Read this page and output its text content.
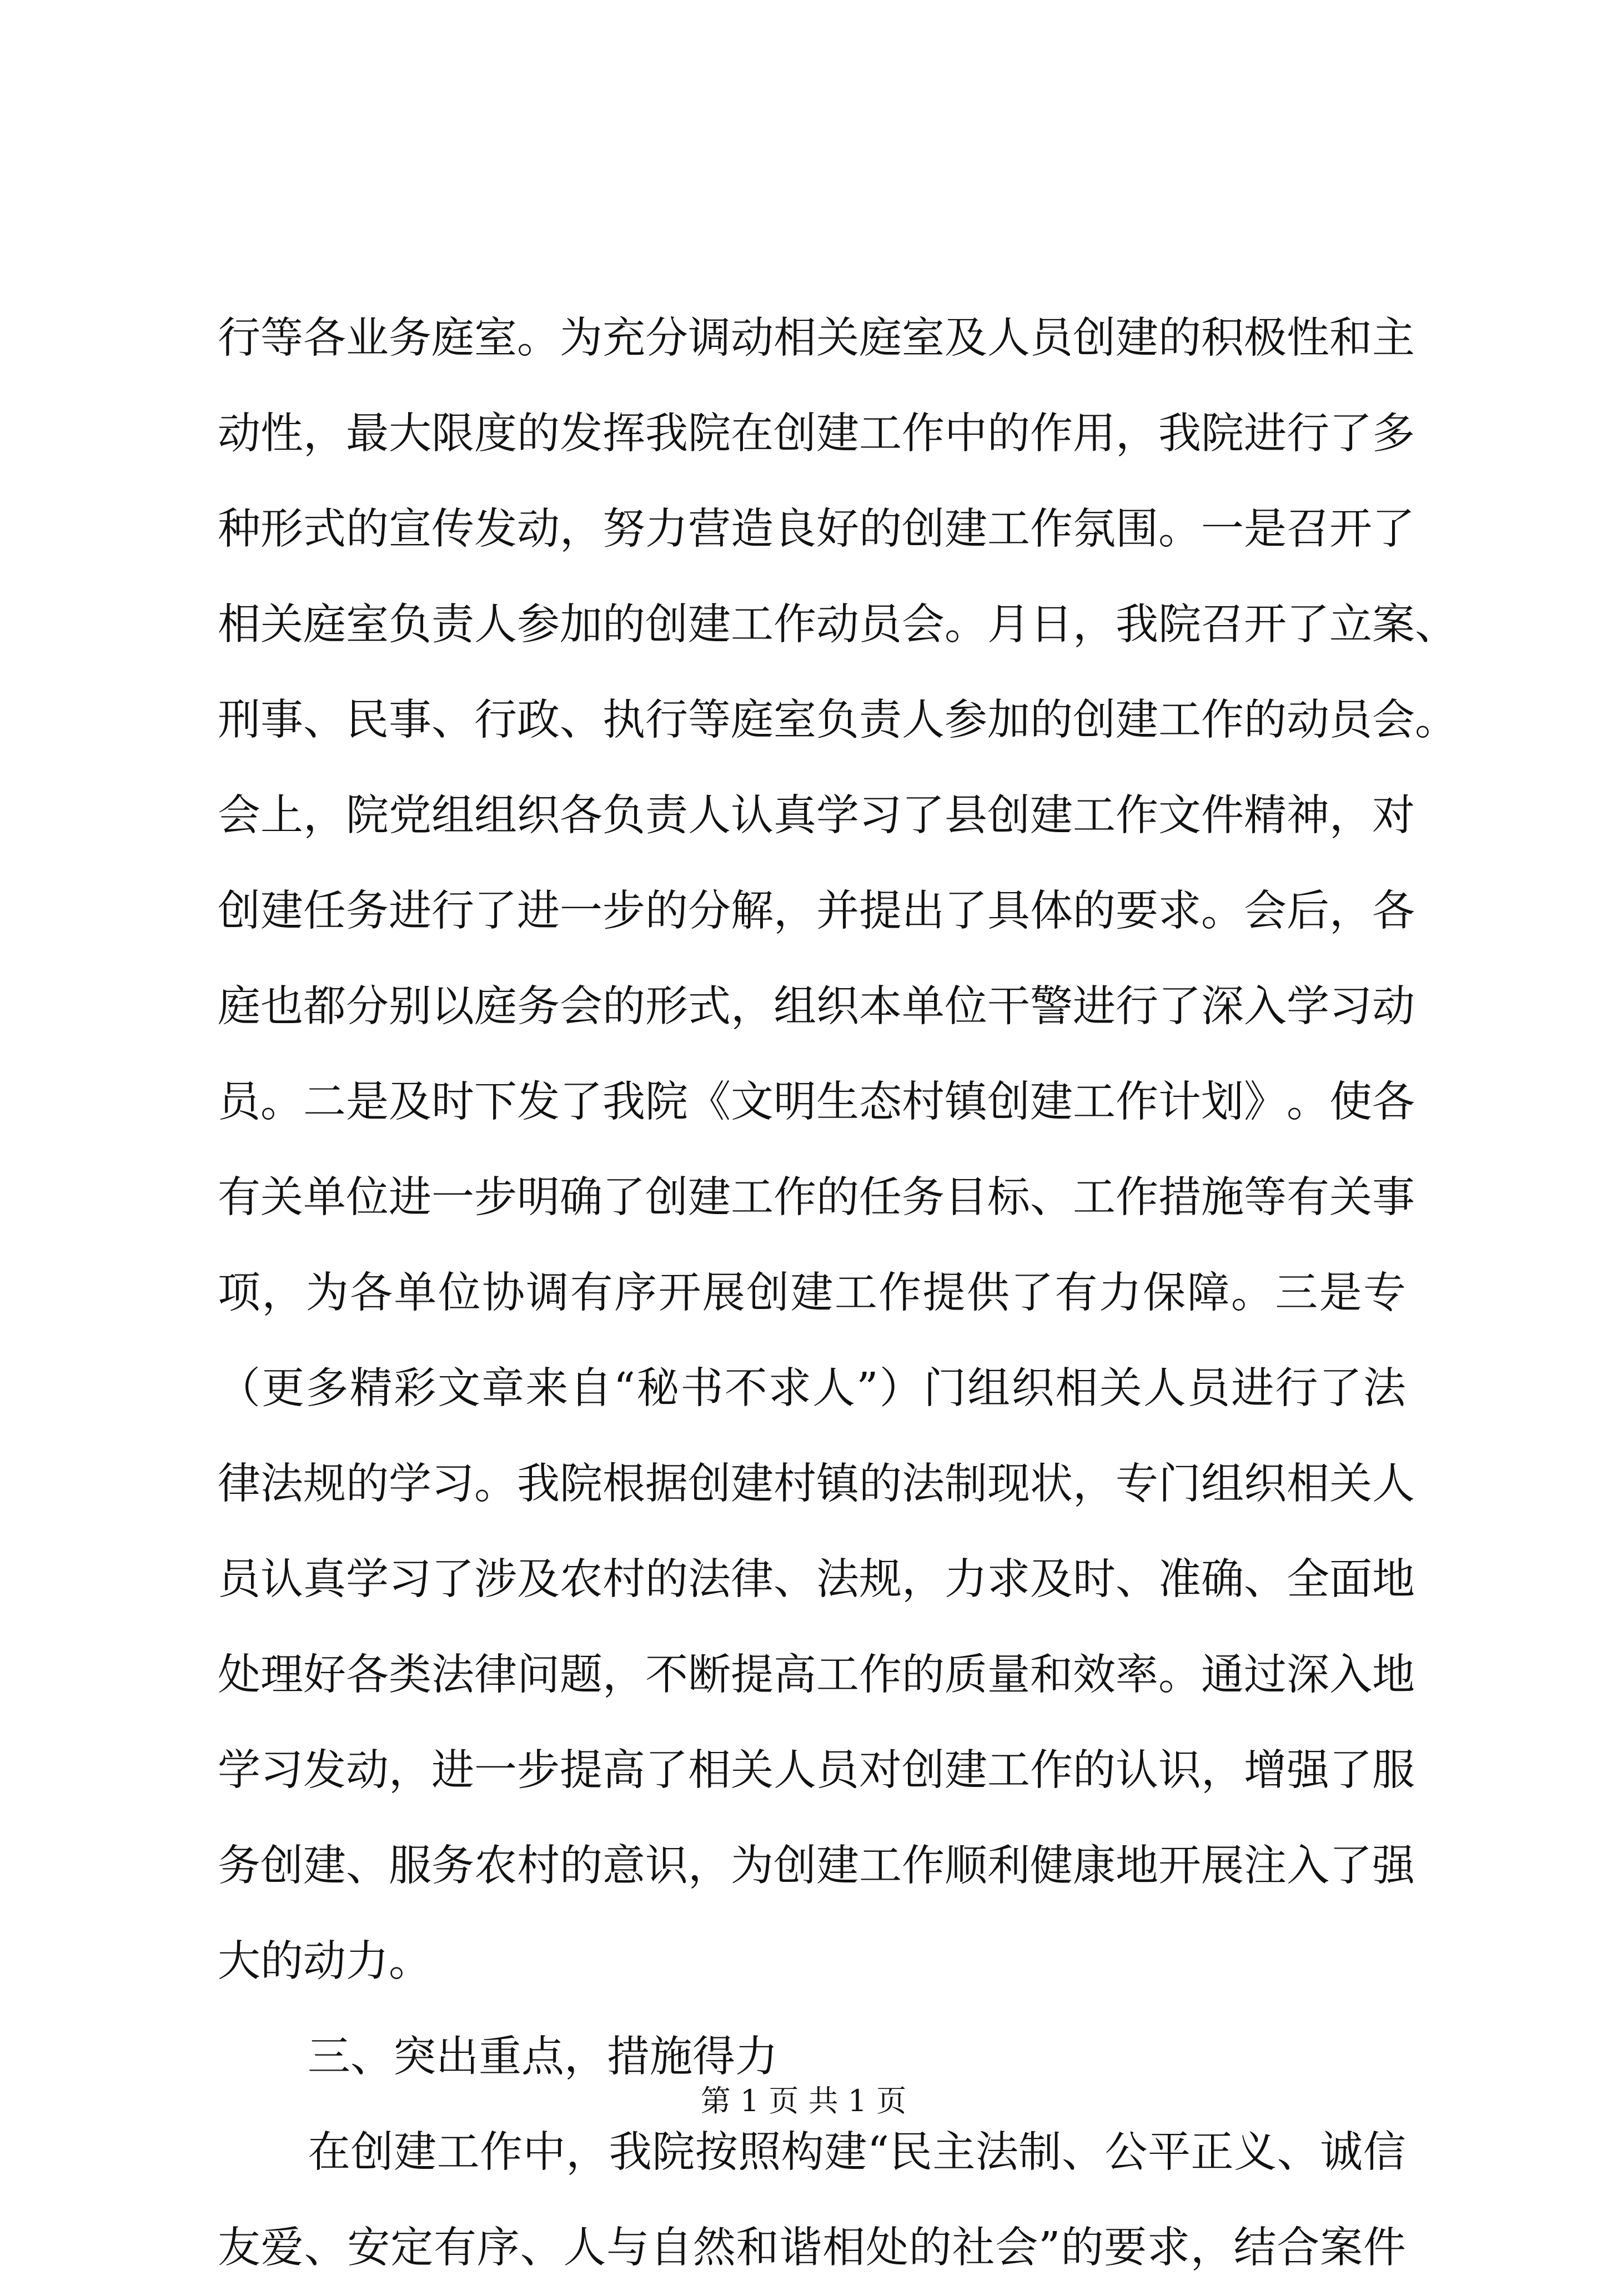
行 等 各 业 务 庭 室 。 为 充 分 调 动 相 关 庭 室 及 人 员 创 建 的 积 极 性 和 主
动 性 ， 最 大 限 度 的 发 挥 我 院 在 创 建 工 作 中 的 作 用 ， 我 院 进 行 了 多
种 形 式 的 宣 传 发 动 ， 努 力 营 造 良 好 的 创 建 工 作 氛 围 。 一 是 召 开 了
相 关 庭 室 负 责 人 参 加 的 创 建 工 作 动 员 会 。 月 日 ， 我 院 召 开 了 立 案 、
刑 事 、 民 事 、 行 政 、 执 行 等 庭 室 负 责 人 参 加 的 创 建 工 作 的 动 员 会 。
会 上 ， 院 党 组 组 织 各 负 责 人 认 真 学 习 了 县 创 建 工 作 文 件 精 神 ， 对
创 建 任 务 进 行 了 进 一 步 的 分 解 ， 并 提 出 了 具 体 的 要 求 。 会 后 ， 各
庭 也 都 分 别 以 庭 务 会 的 形 式 ， 组 织 本 单 位 干 警 进 行 了 深 入 学 习 动
员 。 二 是 及 时 下 发 了 我 院 《 文 明 生 态 村 镇 创 建 工 作 计 划 》 。 使 各
有 关 单 位 进 一 步 明 确 了 创 建 工 作 的 任 务 目 标 、 工 作 措 施 等 有 关 事
项 ， 为 各 单 位 协 调 有 序 开 展 创 建 工 作 提 供 了 有 力 保 障 。 三 是 专
（ 更 多 精 彩 文 章 来 自 “ 秘 书 不 求 人 ” ） 门 组 织 相 关 人 员 进 行 了 法
律 法 规 的 学 习 。 我 院 根 据 创 建 村 镇 的 法 制 现 状 ， 专 门 组 织 相 关 人
员 认 真 学 习 了 涉 及 农 村 的 法 律 、 法 规 ， 力 求 及 时 、 准 确 、 全 面 地
处 理 好 各 类 法 律 问 题 ， 不 断 提 高 工 作 的 质 量 和 效 率 。 通 过 深 入 地
学 习 发 动 ， 进 一 步 提 高 了 相 关 人 员 对 创 建 工 作 的 认 识 ， 增 强 了 服
务 创 建 、 服 务 农 村 的 意 识 ， 为 创 建 工 作 顺 利 健 康 地 开 展 注 入 了 强
大 的 动 力 。
三 、 突 出 重 点 ， 措 施 得 力
在 创 建 工 作 中 ， 我 院 按 照 构 建 “ 民 主 法 制 、 公 平 正 义 、 诚 信
友 爱 、 安 定 有 序 、 人 与 自 然 和 谐 相 处 的 社 会 ” 的 要 求 ， 结 合 案 件
第 1 页 共 1 页
